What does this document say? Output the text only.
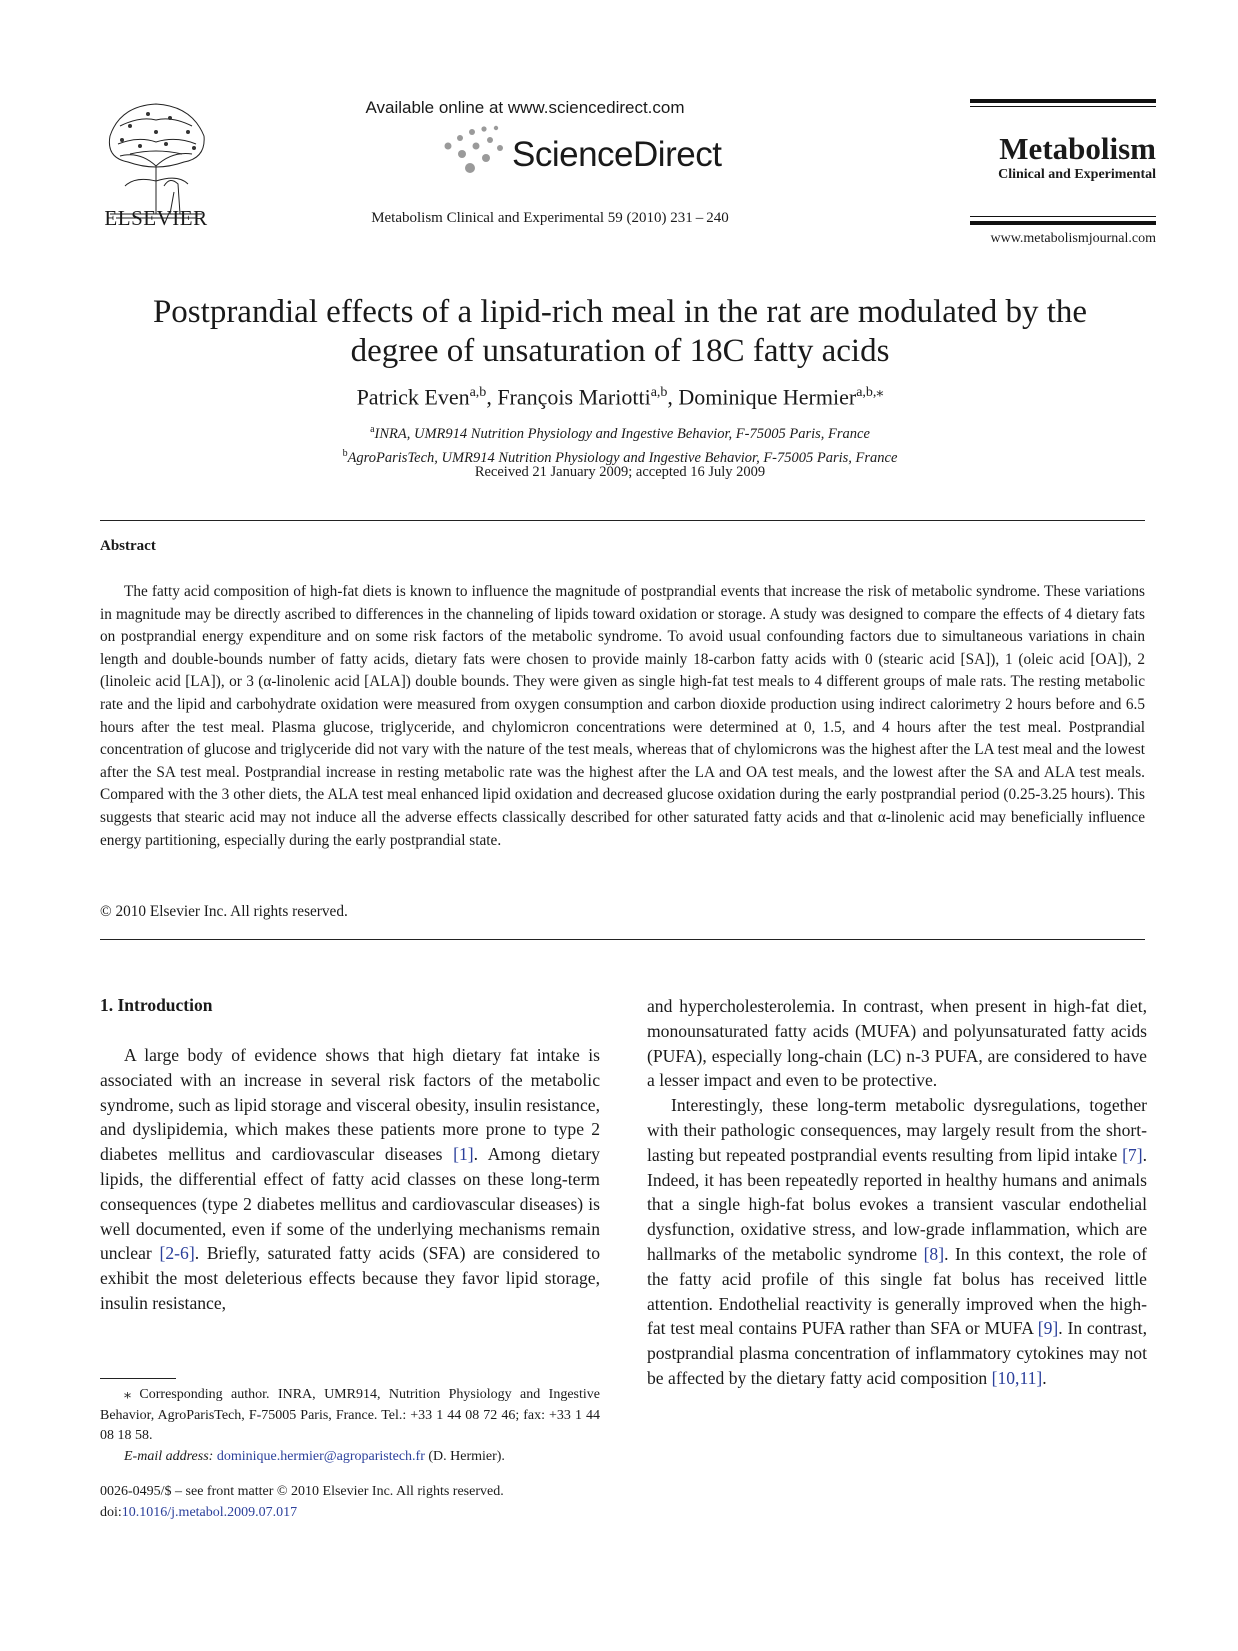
ELSEVIER
Available online at www.sciencedirect.com
ScienceDirect
Metabolism Clinical and Experimental 59 (2010) 231 – 240
Metabolism
Clinical and Experimental
www.metabolismjournal.com
Postprandial effects of a lipid-rich meal in the rat are modulated by the
degree of unsaturation of 18C fatty acids
Patrick Even$^{a,b}$, François Mariotti$^{a,b}$, Dominique Hermier$^{a,b,⁎}$
$^a$INRA, UMR914 Nutrition Physiology and Ingestive Behavior, F-75005 Paris, France
$^b$AgroParisTech, UMR914 Nutrition Physiology and Ingestive Behavior, F-75005 Paris, France
Received 21 January 2009; accepted 16 July 2009
Abstract

The fatty acid composition of high-fat diets is known to influence the magnitude of postprandial events that increase the risk of metabolic syndrome. These variations in magnitude may be directly ascribed to differences in the channeling of lipids toward oxidation or storage. A study was designed to compare the effects of 4 dietary fats on postprandial energy expenditure and on some risk factors of the metabolic syndrome. To avoid usual confounding factors due to simultaneous variations in chain length and double-bounds number of fatty acids, dietary fats were chosen to provide mainly 18-carbon fatty acids with 0 (stearic acid [SA]), 1 (oleic acid [OA]), 2 (linoleic acid [LA]), or 3 (α-linolenic acid [ALA]) double bounds. They were given as single high-fat test meals to 4 different groups of male rats. The resting metabolic rate and the lipid and carbohydrate oxidation were measured from oxygen consumption and carbon dioxide production using indirect calorimetry 2 hours before and 6.5 hours after the test meal. Plasma glucose, triglyceride, and chylomicron concentrations were determined at 0, 1.5, and 4 hours after the test meal. Postprandial concentration of glucose and triglyceride did not vary with the nature of the test meals, whereas that of chylomicrons was the highest after the LA test meal and the lowest after the SA test meal. Postprandial increase in resting metabolic rate was the highest after the LA and OA test meals, and the lowest after the SA and ALA test meals. Compared with the 3 other diets, the ALA test meal enhanced lipid oxidation and decreased glucose oxidation during the early postprandial period (0.25-3.25 hours). This suggests that stearic acid may not induce all the adverse effects classically described for other saturated fatty acids and that α-linolenic acid may beneficially influence energy partitioning, especially during the early postprandial state.

© 2010 Elsevier Inc. All rights reserved.
1. Introduction

A large body of evidence shows that high dietary fat intake is associated with an increase in several risk factors of the metabolic syndrome, such as lipid storage and visceral obesity, insulin resistance, and dyslipidemia, which makes these patients more prone to type 2 diabetes mellitus and cardiovascular diseases [1]. Among dietary lipids, the differential effect of fatty acid classes on these long-term consequences (type 2 diabetes mellitus and cardiovascular diseases) is well documented, even if some of the underlying mechanisms remain unclear [2-6]. Briefly, saturated fatty acids (SFA) are considered to exhibit the most deleterious effects because they favor lipid storage, insulin resistance,

and hypercholesterolemia. In contrast, when present in high-fat diet, monounsaturated fatty acids (MUFA) and polyunsaturated fatty acids (PUFA), especially long-chain (LC) n-3 PUFA, are considered to have a lesser impact and even to be protective.

Interestingly, these long-term metabolic dysregulations, together with their pathologic consequences, may largely result from the short-lasting but repeated postprandial events resulting from lipid intake [7]. Indeed, it has been repeatedly reported in healthy humans and animals that a single high-fat bolus evokes a transient vascular endothelial dysfunction, oxidative stress, and low-grade inflammation, which are hallmarks of the metabolic syndrome [8]. In this context, the role of the fatty acid profile of this single fat bolus has received little attention. Endothelial reactivity is generally improved when the high-fat test meal contains PUFA rather than SFA or MUFA [9]. In contrast, postprandial plasma concentration of inflammatory cytokines may not be affected by the dietary fatty acid composition [10,11].

⁎ Corresponding author. INRA, UMR914, Nutrition Physiology and Ingestive Behavior, AgroParisTech, F-75005 Paris, France. Tel.: +33 1 44 08 72 46; fax: +33 1 44 08 18 58.

E-mail address: dominique.hermier@agroparistech.fr (D. Hermier).

0026-0495/$ – see front matter © 2010 Elsevier Inc. All rights reserved.
doi:10.1016/j.metabol.2009.07.017
